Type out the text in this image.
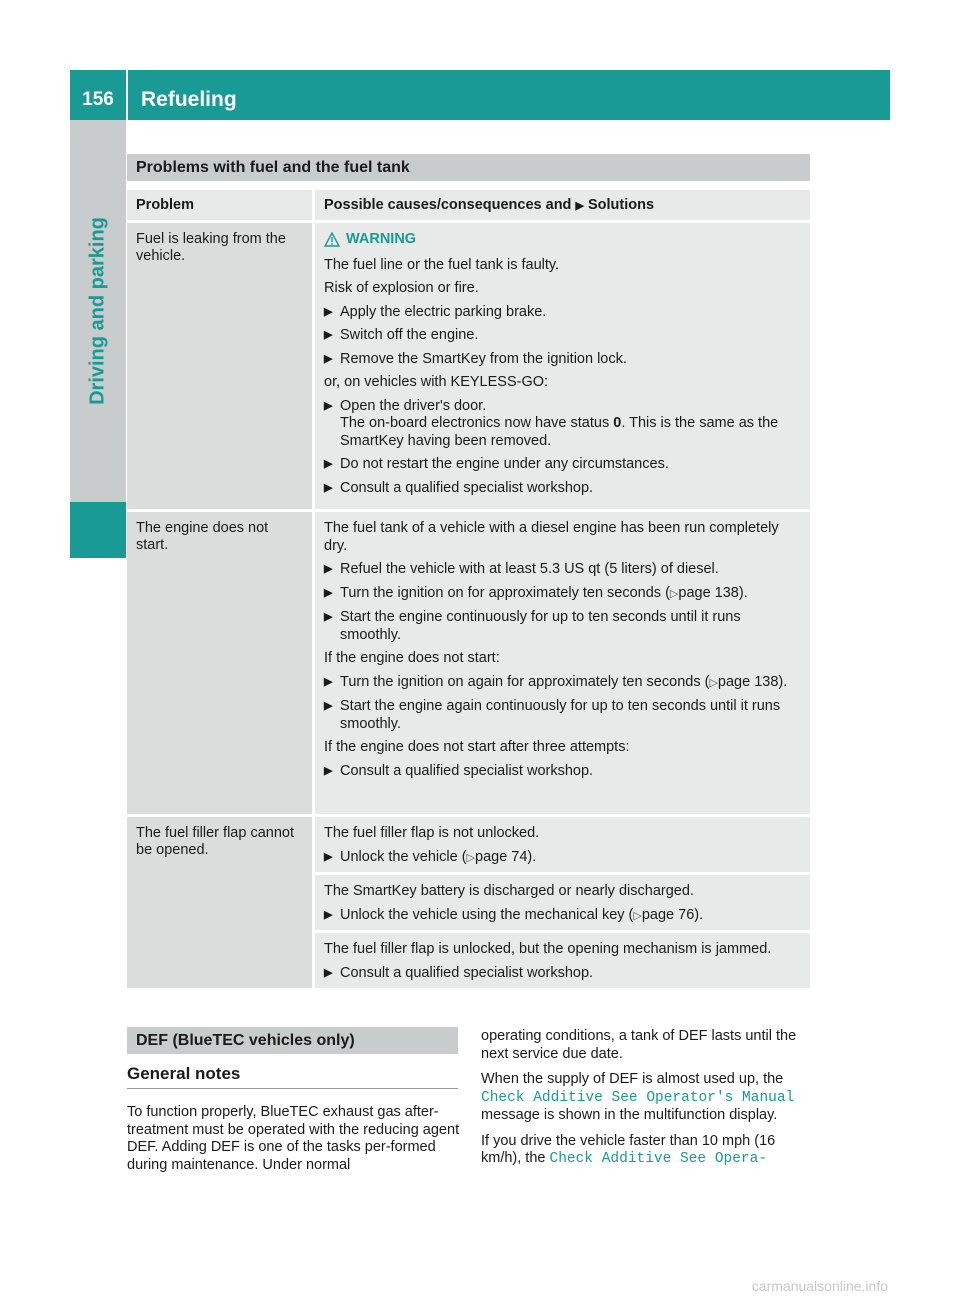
156	Refueling
Driving and parking
Problems with fuel and the fuel tank
Problem	Possible causes/consequences and ▶ Solutions
Fuel is leaking from the vehicle.
WARNING
The fuel line or the fuel tank is faulty.
Risk of explosion or fire.
▶ Apply the electric parking brake.
▶ Switch off the engine.
▶ Remove the SmartKey from the ignition lock.
or, on vehicles with KEYLESS-GO:
▶ Open the driver's door.
The on-board electronics now have status 0. This is the same as the SmartKey having been removed.
▶ Do not restart the engine under any circumstances.
▶ Consult a qualified specialist workshop.
The engine does not start.
The fuel tank of a vehicle with a diesel engine has been run completely dry.
▶ Refuel the vehicle with at least 5.3 US qt (5 liters) of diesel.
▶ Turn the ignition on for approximately ten seconds (▷page 138).
▶ Start the engine continuously for up to ten seconds until it runs smoothly.
If the engine does not start:
▶ Turn the ignition on again for approximately ten seconds (▷page 138).
▶ Start the engine again continuously for up to ten seconds until it runs smoothly.
If the engine does not start after three attempts:
▶ Consult a qualified specialist workshop.
The fuel filler flap cannot be opened.
The fuel filler flap is not unlocked.
▶ Unlock the vehicle (▷page 74).
The SmartKey battery is discharged or nearly discharged.
▶ Unlock the vehicle using the mechanical key (▷page 76).
The fuel filler flap is unlocked, but the opening mechanism is jammed.
▶ Consult a qualified specialist workshop.
DEF (BlueTEC vehicles only)
General notes
To function properly, BlueTEC exhaust gas after-treatment must be operated with the reducing agent DEF. Adding DEF is one of the tasks per-formed during maintenance. Under normal
operating conditions, a tank of DEF lasts until the next service due date.
When the supply of DEF is almost used up, the
Check Additive See Operator's Manual
message is shown in the multifunction display.
If you drive the vehicle faster than 10 mph (16 km/h), the Check Additive See Opera‐
carmanualsonline.info
